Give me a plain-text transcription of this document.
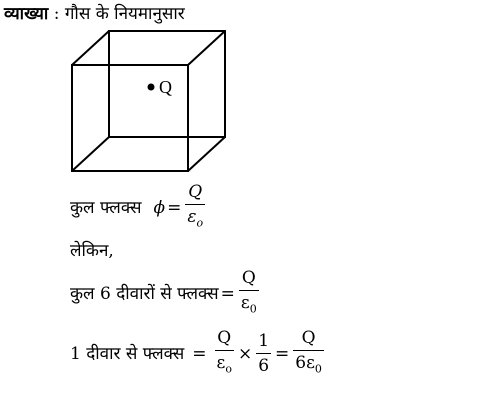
व्याख्या : गौस के नियमानुसार
Q
कुल फ्लक्स $\phi = \frac{Q}{\varepsilon_o}$
लेकिन,
कुल 6 दीवारों से फ्लक्स = $\frac{Q}{\varepsilon_0}$
1 दीवार से फ्लक्स = $\frac{Q}{\varepsilon_o} \times \frac{1}{6} = \frac{Q}{6\varepsilon_0}$
